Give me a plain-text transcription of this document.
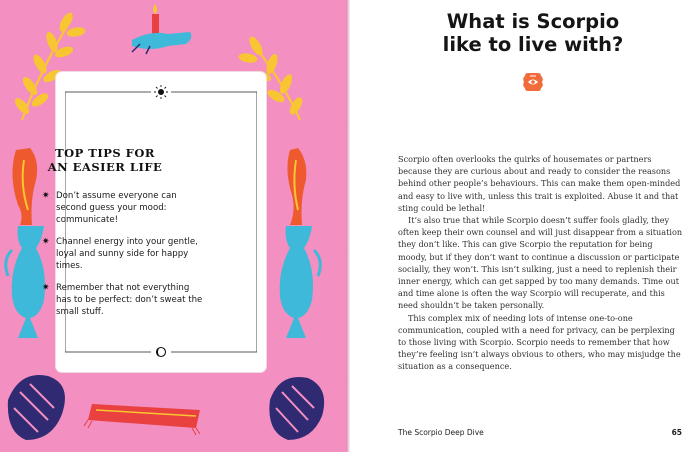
TOP TIPS FOR
AN EASIER LIFE
✷ Don’t assume everyone can second guess your mood: communicate!
✷ Channel energy into your gentle, loyal and sunny side for happy times.
✷ Remember that not everything has to be perfect: don’t sweat the small stuff.
What is Scorpio
like to live with?

Scorpio often overlooks the quirks of housemates or partners because they are curious about and ready to consider the reasons behind other people’s behaviours. This can make them open-minded and easy to live with, unless this trait is exploited. Abuse it and that sting could be lethal!

It’s also true that while Scorpio doesn’t suffer fools gladly, they often keep their own counsel and will just disappear from a situation they don’t like. This can give Scorpio the reputation for being moody, but if they don’t want to continue a discussion or participate socially, they won’t. This isn’t sulking, just a need to replenish their inner energy, which can get sapped by too many demands. Time out and time alone is often the way Scorpio will recuperate, and this need shouldn’t be taken personally.

This complex mix of needing lots of intense one-to-one communication, coupled with a need for privacy, can be perplexing to those living with Scorpio. Scorpio needs to remember that how they’re feeling isn’t always obvious to others, who may misjudge the situation as a consequence.

The Scorpio Deep Dive	65
